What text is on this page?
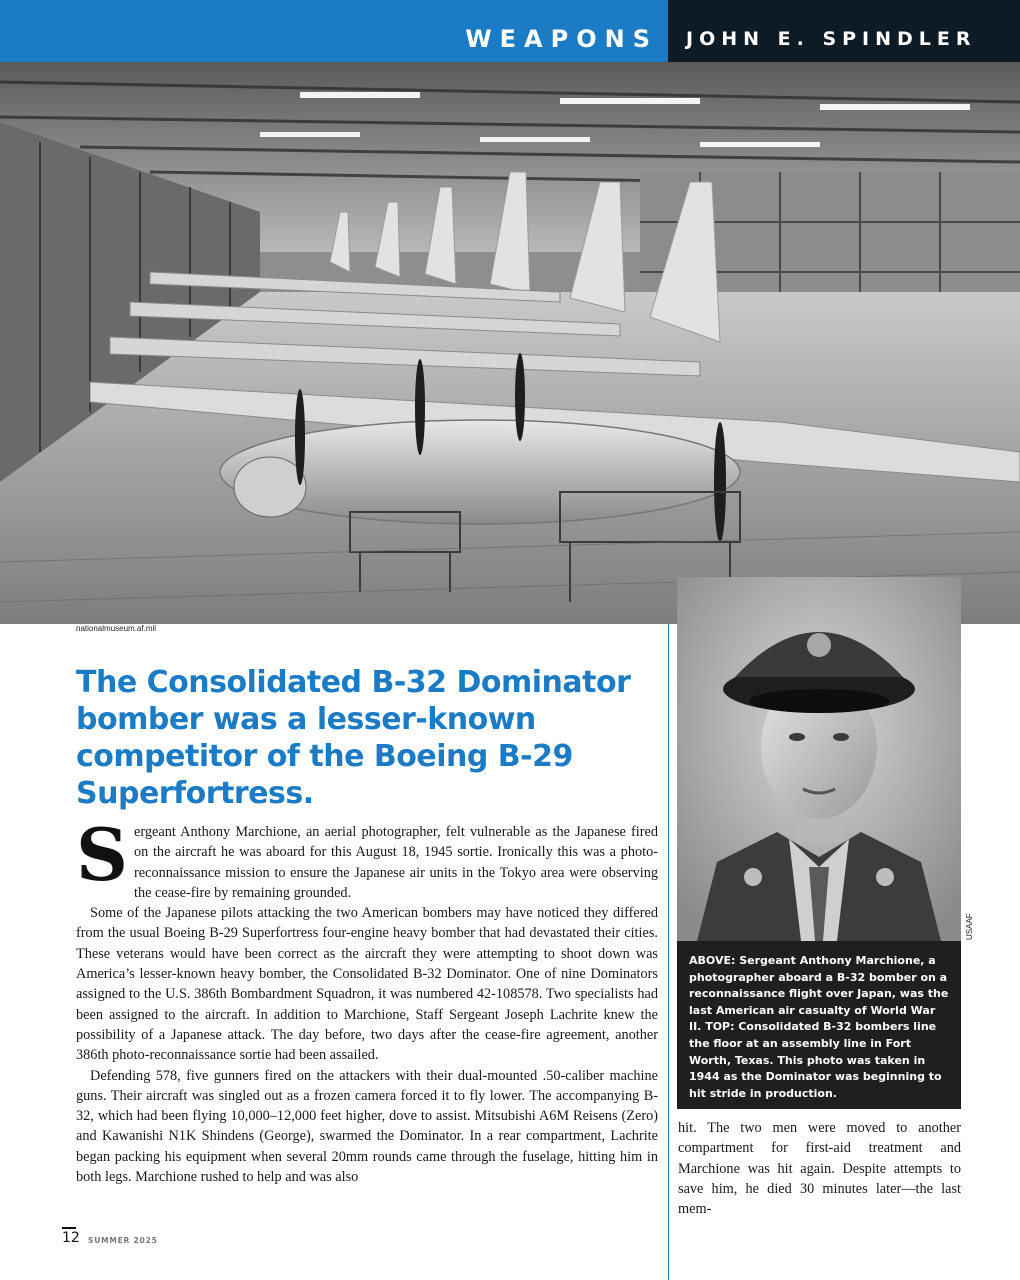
WEAPONS JOHN E. SPINDLER
nationalmuseum.af.mil
The Consolidated B-32 Dominator bomber was a lesser-known competitor of the Boeing B-29 Superfortress.

Sergeant Anthony Marchione, an aerial photographer, felt vulnerable as the Japanese fired on the aircraft he was aboard for this August 18, 1945 sortie. Ironically this was a photo-reconnaissance mission to ensure the Japanese air units in the Tokyo area were observing the cease-fire by remaining grounded.

Some of the Japanese pilots attacking the two American bombers may have noticed they differed from the usual Boeing B-29 Superfortress four-engine heavy bomber that had devastated their cities. These veterans would have been correct as the aircraft they were attempting to shoot down was America’s lesser-known heavy bomber, the Consolidated B-32 Dominator. One of nine Dominators assigned to the U.S. 386th Bombardment Squadron, it was numbered 42-108578. Two specialists had been assigned to the aircraft. In addition to Marchione, Staff Sergeant Joseph Lachrite knew the possibility of a Japanese attack. The day before, two days after the cease-fire agreement, another 386th photo-reconnaissance sortie had been assailed.

Defending 578, five gunners fired on the attackers with their dual-mounted .50-caliber machine guns. Their aircraft was singled out as a frozen camera forced it to fly lower. The accompanying B-32, which had been flying 10,000–12,000 feet higher, dove to assist. Mitsubishi A6M Reisens (Zero) and Kawanishi N1K Shindens (George), swarmed the Dominator. In a rear compartment, Lachrite began packing his equipment when several 20mm rounds came through the fuselage, hitting him in both legs. Marchione rushed to help and was also

USAAF
ABOVE: Sergeant Anthony Marchione, a photographer aboard a B-32 bomber on a reconnaissance flight over Japan, was the last American air casualty of World War II. TOP: Consolidated B-32 bombers line the floor at an assembly line in Fort Worth, Texas. This photo was taken in 1944 as the Dominator was beginning to hit stride in production.
hit. The two men were moved to another compartment for first-aid treatment and Marchione was hit again. Despite attempts to save him, he died 30 minutes later—the last mem-
12 SUMMER 2025
